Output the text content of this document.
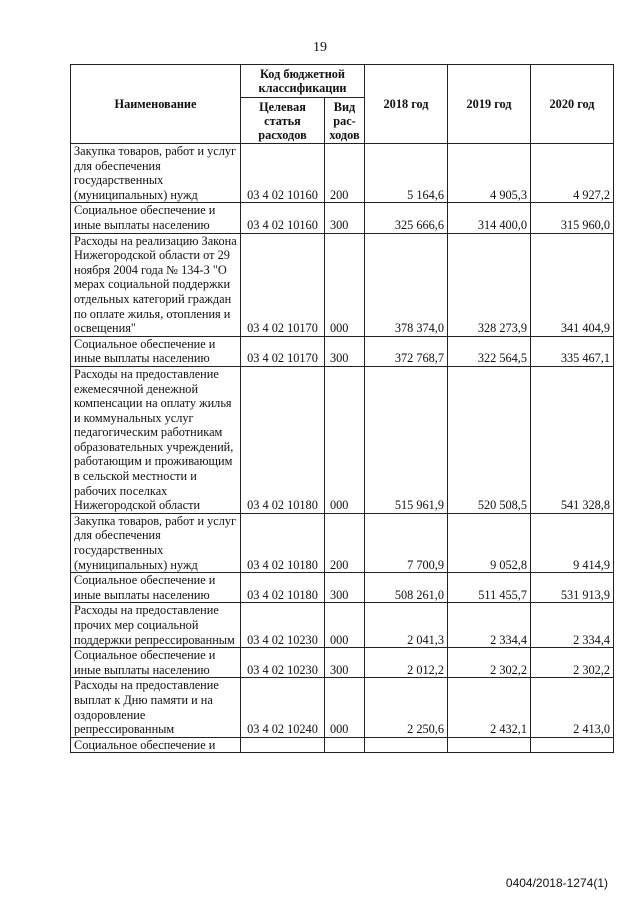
19
Наименование	Код бюджетной классификации		2018 год	2019 год	2020 год
	Целевая статья расходов	Вид рас-ходов			
Закупка товаров, работ и услуг для обеспечения государственных (муниципальных) нужд	03 4 02 10160	200	5 164,6	4 905,3	4 927,2
Социальное обеспечение и иные выплаты населению	03 4 02 10160	300	325 666,6	314 400,0	315 960,0
Расходы на реализацию Закона Нижегородской области от 29 ноября 2004 года № 134-З "О мерах социальной поддержки отдельных категорий граждан по оплате жилья, отопления и освещения"	03 4 02 10170	000	378 374,0	328 273,9	341 404,9
Социальное обеспечение и иные выплаты населению	03 4 02 10170	300	372 768,7	322 564,5	335 467,1
Расходы на предоставление ежемесячной денежной компенсации на оплату жилья и коммунальных услуг педагогическим работникам образовательных учреждений, работающим и проживающим в сельской местности и рабочих поселках Нижегородской области	03 4 02 10180	000	515 961,9	520 508,5	541 328,8
Закупка товаров, работ и услуг для обеспечения государственных (муниципальных) нужд	03 4 02 10180	200	7 700,9	9 052,8	9 414,9
Социальное обеспечение и иные выплаты населению	03 4 02 10180	300	508 261,0	511 455,7	531 913,9
Расходы на предоставление прочих мер социальной поддержки репрессированным	03 4 02 10230	000	2 041,3	2 334,4	2 334,4
Социальное обеспечение и иные выплаты населению	03 4 02 10230	300	2 012,2	2 302,2	2 302,2
Расходы на предоставление выплат к Дню памяти и на оздоровление репрессированным	03 4 02 10240	000	2 250,6	2 432,1	2 413,0
Социальное обеспечение и					
0404/2018-1274(1)
